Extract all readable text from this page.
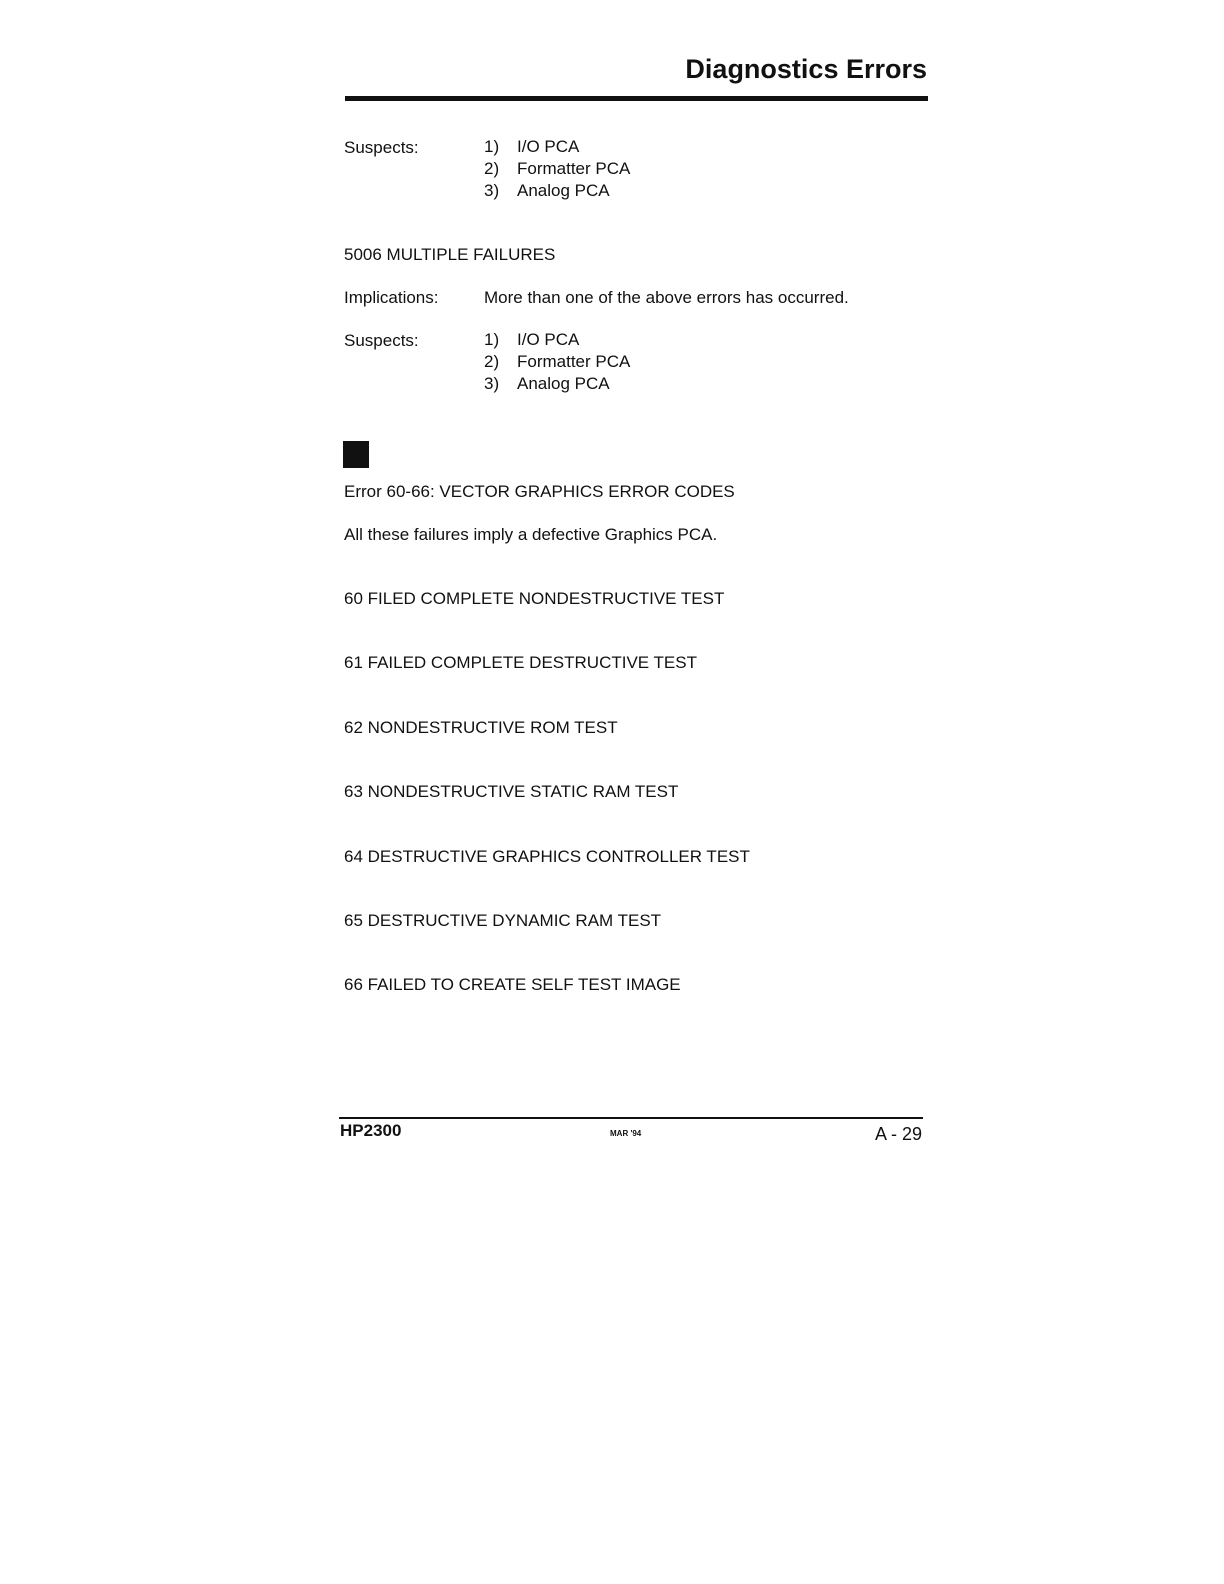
Diagnostics Errors
Suspects:	1) I/O PCA
2) Formatter PCA
3) Analog PCA
5006 MULTIPLE FAILURES
Implications:	More than one of the above errors has occurred.
Suspects:	1) I/O PCA
2) Formatter PCA
3) Analog PCA
Error 60-66: VECTOR GRAPHICS ERROR CODES
All these failures imply a defective Graphics PCA.
60 FILED COMPLETE NONDESTRUCTIVE TEST
61 FAILED COMPLETE DESTRUCTIVE TEST
62 NONDESTRUCTIVE ROM TEST
63 NONDESTRUCTIVE STATIC RAM TEST
64 DESTRUCTIVE GRAPHICS CONTROLLER TEST
65 DESTRUCTIVE DYNAMIC RAM TEST
66 FAILED TO CREATE SELF TEST IMAGE
HP2300	MAR '94	A - 29
